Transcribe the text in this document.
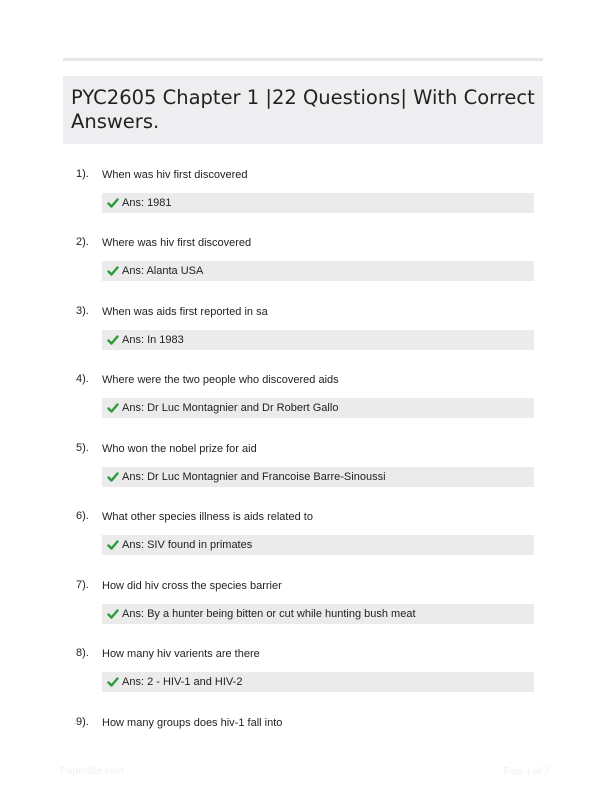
PYC2605 Chapter 1 |22 Questions| With Correct Answers.
1). When was hiv first discovered
Ans: 1981
2). Where was hiv first discovered
Ans: Alanta USA
3). When was aids first reported in sa
Ans: In 1983
4). Where were the two people who discovered aids
Ans: Dr Luc Montagnier and Dr Robert Gallo
5). Who won the nobel prize for aid
Ans: Dr Luc Montagnier and Francoise Barre-Sinoussi
6). What other species illness is aids related to
Ans: SIV found in primates
7). How did hiv cross the species barrier
Ans: By a hunter being bitten or cut while hunting bush meat
8). How many hiv varients are there
Ans: 2 - HIV-1 and HIV-2
9). How many groups does hiv-1 fall into
Paperflite.com	Page 1 of 3
